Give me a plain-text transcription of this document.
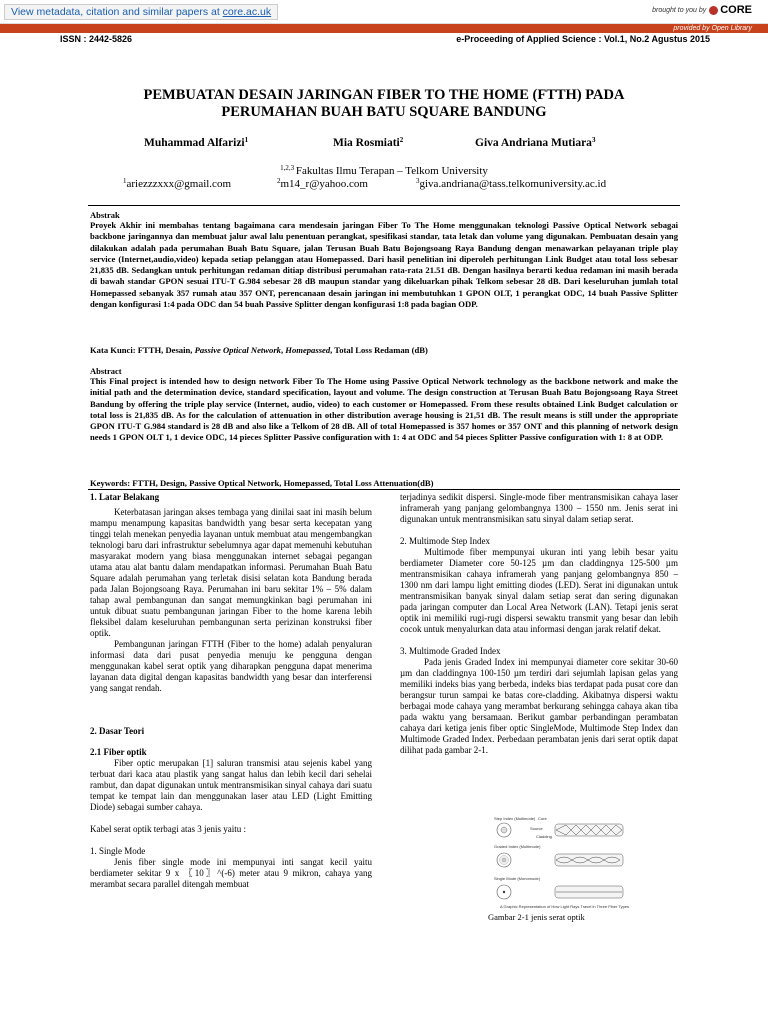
View metadata, citation and similar papers at core.ac.uk	brought to you by CORE
provided by Open Library
ISSN : 2442-5826	e-Proceeding of Applied Science : Vol.1, No.2 Agustus 2015
PEMBUATAN DESAIN JARINGAN FIBER TO THE HOME (FTTH) PADA
PERUMAHAN BUAH BATU SQUARE BANDUNG
Muhammad Alfarizi$^1$	Mia Rosmiati$^2$	Giva Andriana Mutiara$^3$
$^{1,2,3}$ Fakultas Ilmu Terapan – Telkom University
$^1$ariezzzxxx@gmail.com	$^2$m14_r@yahoo.com	$^3$giva.andriana@tass.telkomuniversity.ac.id
Abstrak
Proyek Akhir ini membahas tentang bagaimana cara mendesain jaringan Fiber To The Home menggunakan teknologi Passive Optical Network sebagai backbone jaringannya dan membuat jalur awal lalu penentuan perangkat, spesifikasi standar, tata letak dan volume yang digunakan. Pembuatan desain yang dilakukan adalah pada perumahan Buah Batu Square, jalan Terusan Buah Batu Bojongsoang Raya Bandung dengan menawarkan pelayanan triple play service (Internet,audio,video) kepada setiap pelanggan atau Homepassed. Dari hasil penelitian ini diperoleh perhitungan Link Budget atau total loss sebesar 21,835 dB. Sedangkan untuk perhitungan redaman ditiap distribusi perumahan rata-rata 21.51 dB. Dengan hasilnya berarti kedua redaman ini masih berada di bawah standar GPON sesuai ITU-T G.984 sebesar 28 dB maupun standar yang dikeluarkan pihak Telkom sebesar 28 dB. Dari keseluruhan jumlah total Homepassed sebanyak 357 rumah atau 357 ONT, perencanaan desain jaringan ini membutuhkan 1 GPON OLT, 1 perangkat ODC, 14 buah Passive Splitter dengan konfigurasi 1:4 pada ODC dan 54 buah Passive Splitter dengan konfigurasi 1:8 pada bagian ODP.
Kata Kunci: FTTH, Desain, Passive Optical Network, Homepassed, Total Loss Redaman (dB)
Abstract
This Final project is intended how to design network Fiber To The Home using Passive Optical Network technology as the backbone network and make the initial path and the determination device, standard specification, layout and volume. The design construction at Terusan Buah Batu Bojongsoang Raya Street Bandung by offering the triple play service (Internet, audio, video) to each customer or Homepassed. From these results obtained Link Budget calculation or total loss is 21,835 dB. As for the calculation of attenuation in other distribution average housing is 21,51 dB. The result means is still under the appropriate GPON ITU-T G.984 standard is 28 dB and also like a Telkom of 28 dB. All of total Homepassed is 357 homes or 357 ONT and this planning of network design needs 1 GPON OLT 1, 1 device ODC, 14 pieces Splitter Passive configuration with 1: 4 at ODC and 54 pieces Splitter Passive configuration with 1: 8 at ODP.
Keywords: FTTH, Design, Passive Optical Network, Homepassed, Total Loss Attenuation(dB)

1. Latar Belakang

Keterbatasan jaringan akses tembaga yang dinilai saat ini masih belum mampu menampung kapasitas bandwidth yang besar serta kecepatan yang tinggi telah menekan penyedia layanan untuk membuat atau mengembangkan teknologi baru dari infrastruktur sebelumnya agar dapat memenuhi kebutuhan masyarakat modern yang biasa menggunakan internet sebagai pegangan utama atau alat bantu dalam mendapatkan informasi. Perumahan Buah Batu Square adalah perumahan yang terletak disisi selatan kota Bandung berada pada Jalan Bojongsoang Raya. Perumahan ini baru sekitar 1% – 5% dalam tahap awal pembangunan dan sangat memungkinkan bagi perumahan ini untuk dibuat suatu pembangunan jaringan Fiber to the home karena lebih fleksibel dalam keseluruhan pembangunan serta perizinan konstruksi fiber optik.

Pembangunan jaringan FTTH (Fiber to the home) adalah penyaluran informasi data dari pusat penyedia menuju ke pengguna dengan menggunakan kabel serat optik yang diharapkan pengguna dapat menerima layanan data digital dengan kapasitas bandwidth yang besar dan interferensi yang sangat rendah.

2. Dasar Teori

2.1 Fiber optik

Fiber optic merupakan [1] saluran transmisi atau sejenis kabel yang terbuat dari kaca atau plastik yang sangat halus dan lebih kecil dari sehelai rambut, dan dapat digunakan untuk mentransmisikan sinyal cahaya dari suatu tempat ke tempat lain dan menggunakan laser atau LED (Light Emitting Diode) sebagai sumber cahaya.

Kabel serat optik terbagi atas 3 jenis yaitu :

1. Single Mode

Jenis fiber single mode ini mempunyai inti sangat kecil yaitu berdiameter sekitar 9 x 〖10〗^(-6) meter atau 9 mikron, cahaya yang merambat secara parallel ditengah membuat

terjadinya sedikit dispersi. Single-mode fiber mentransmisikan cahaya laser inframerah yang panjang gelombangnya 1300 – 1550 nm. Jenis serat ini digunakan untuk mentransmisikan satu sinyal dalam setiap serat.

2. Multimode Step Index

Multimode fiber mempunyai ukuran inti yang lebih besar yaitu berdiameter Diameter core 50-125 µm dan claddingnya 125-500 µm mentransmisikan cahaya inframerah yang panjang gelombangnya 850 – 1300 nm dari lampu light emitting diodes (LED). Serat ini digunakan untuk mentransmisikan banyak sinyal dalam setiap serat dan sering digunakan pada jaringan computer dan Local Area Network (LAN). Tetapi jenis serat optik ini memiliki rugi-rugi dispersi sewaktu transmit yang besar dan lebih cocok untuk menyalurkan data atau informasi dengan jarak relatif dekat.

3. Multimode Graded Index

Pada jenis Graded Index ini mempunyai diameter core sekitar 30-60 µm dan claddingnya 100-150 µm terdiri dari sejumlah lapisan gelas yang memiliki indeks bias yang berbeda, indeks bias terdapat pada pusat core dan berangsur turun sampai ke batas core-cladding. Akibatnya dispersi waktu berbagai mode cahaya yang merambat berkurang sehingga cahaya akan tiba pada waktu yang bersamaan. Berikut gambar perbandingan perambatan cahaya dari ketiga jenis fiber optic SingleMode, Multimode Step Index dan Multimode Graded Index. Perbedaan perambatan jenis dari serat optik dapat dilihat pada gambar 2-1.

Step Index (Multimode) Core
Source
Cladding
Graded Index (Multimode)
Single Mode (Monomode)
A Graphic Representation of How Light Rays Travel in Three Fiber Types
Gambar 2-1 jenis serat optik
